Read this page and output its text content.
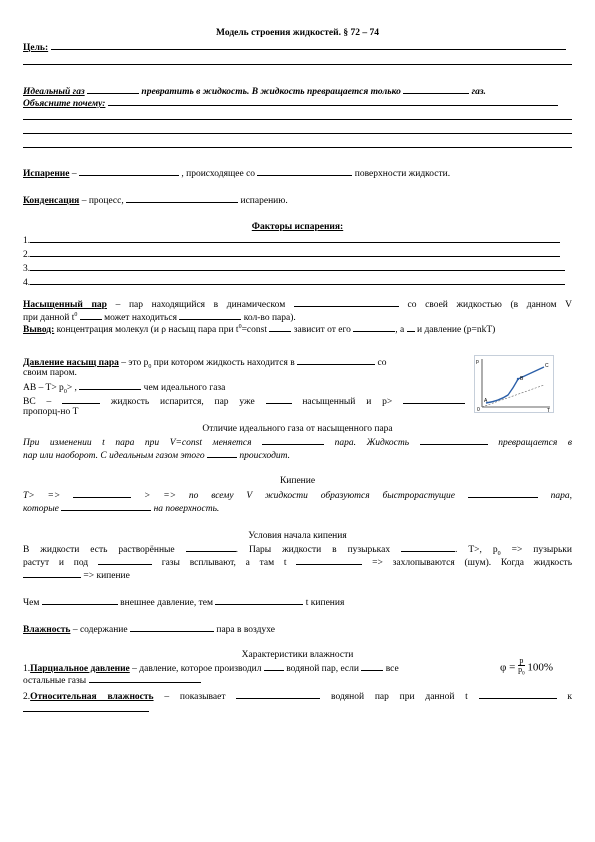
Модель строения жидкостей. § 72 – 74
Цель:
Идеальный газ	превратить в жидкость. В жидкость превращается только	газ.
Объясните почему:
Испарение –	, происходящее со	поверхности жидкости.
Конденсация – процесс,	испарению.
Факторы испарения:
1.
2.
3.
4.
Насыщенный пар – пар находящийся в динамическом	со своей жидкостью (в данном V
при данной $t^0$	может находиться	кол-во пара).
Вывод: концентрация молекул (и ρ насыщ пара при $t^0=const$	зависит от его	, а и давление (p=nkT)
Давление насыщ пара – это $p_0$ при котором жидкость находится в	со
своим паром.
AB – $T> p_0>$ ,	чем идеального газа
BC –	жидкость испарится, пар уже	насыщенный и p>
пропорц-но T
p
C
B
A
0	T
Отличие идеального газа от насыщенного пара
При изменении t пара при V=const меняется	пара. Жидкость	превращается в
пар или наоборот. С идеальным газом этого	происходит.
Кипение
T> =>	> => по всему V жидкости образуются быстрорастущие	пара,
которые	на поверхность.
Условия начала кипения
В жидкости есть растворённые	. Пары жидкости в пузырьках	. T>, $p_0$ => пузырьки
растут и под	газы всплывают, а там t	=> захлопываются (шум). Когда жидкость
=> кипение
Чем	внешнее давление, тем	t кипения
Влажность – содержание	пара в воздухе
Характеристики влажности
1.Парциальное давление – давление, которое производил	водяной пар, если	все
остальные газы
2.Относительная влажность – показывает	водяной пар при данной t	к
$\varphi = \frac{p}{p_0} 100\%$
